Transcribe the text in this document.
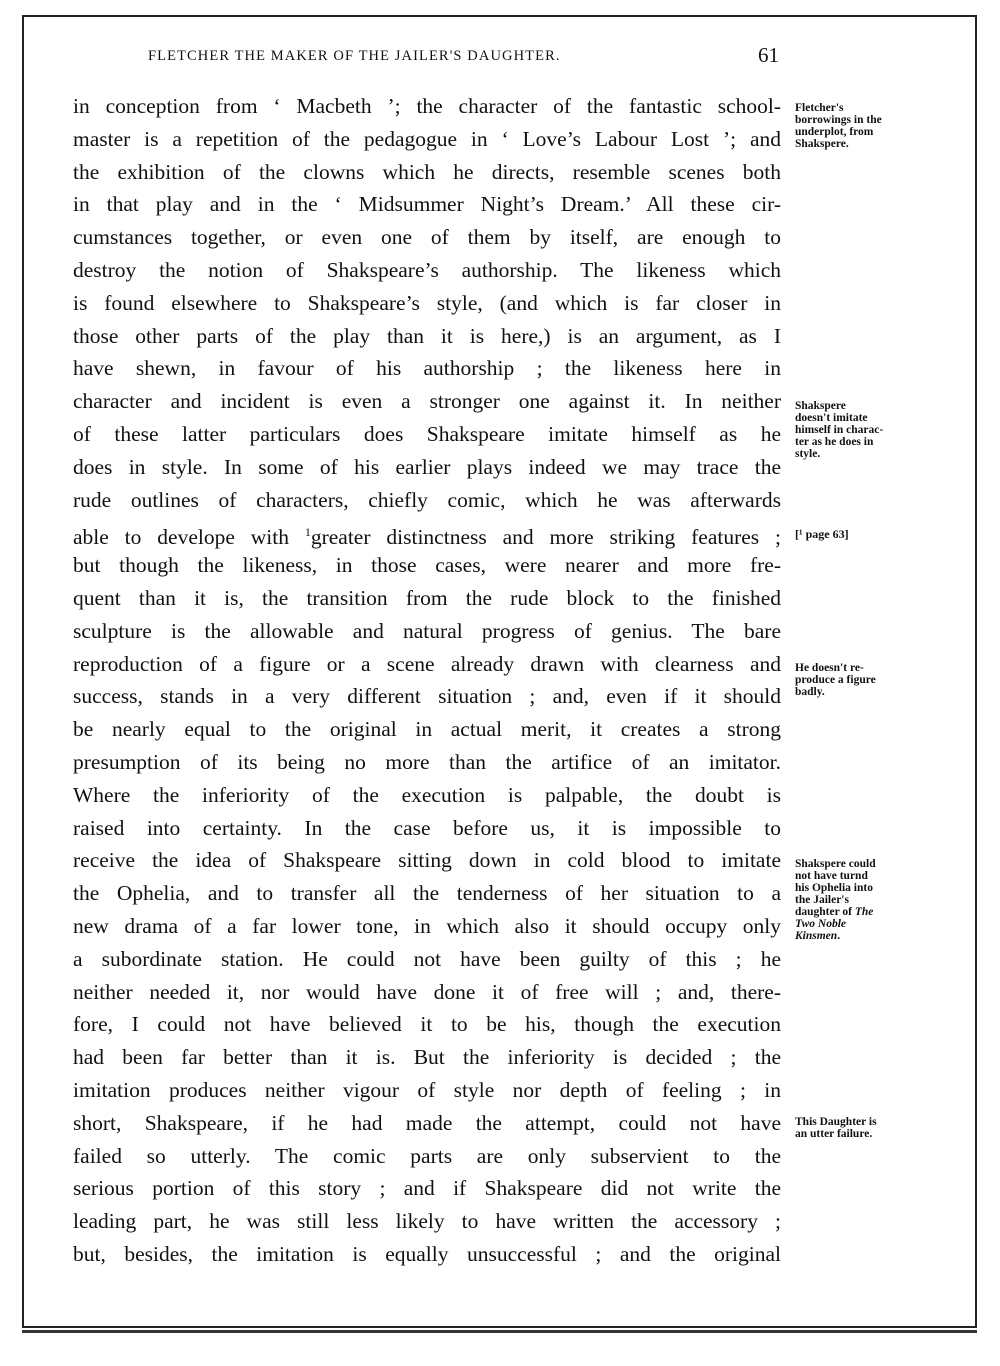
FLETCHER THE MAKER OF THE JAILER'S DAUGHTER.	61
in conception from ‘ Macbeth ’; the character of the fantastic school-
master is a repetition of the pedagogue in ‘ Love’s Labour Lost ’; and
the exhibition of the clowns which he directs, resemble scenes both
in that play and in the ‘ Midsummer Night’s Dream.’ All these cir-
cumstances together, or even one of them by itself, are enough to
destroy the notion of Shakspeare’s authorship. The likeness which
is found elsewhere to Shakspeare’s style, (and which is far closer in
those other parts of the play than it is here,) is an argument, as I
have shewn, in favour of his authorship ; the likeness here in
character and incident is even a stronger one against it. In neither
of these latter particulars does Shakspeare imitate himself as he
does in style. In some of his earlier plays indeed we may trace the
rude outlines of characters, chiefly comic, which he was afterwards
able to develope with $^1$greater distinctness and more striking features ;
but though the likeness, in those cases, were nearer and more fre-
quent than it is, the transition from the rude block to the finished
sculpture is the allowable and natural progress of genius. The bare
reproduction of a figure or a scene already drawn with clearness and
success, stands in a very different situation ; and, even if it should
be nearly equal to the original in actual merit, it creates a strong
presumption of its being no more than the artifice of an imitator.
Where the inferiority of the execution is palpable, the doubt is
raised into certainty. In the case before us, it is impossible to
receive the idea of Shakspeare sitting down in cold blood to imitate
the Ophelia, and to transfer all the tenderness of her situation to a
new drama of a far lower tone, in which also it should occupy only
a subordinate station. He could not have been guilty of this ; he
neither needed it, nor would have done it of free will ; and, there-
fore, I could not have believed it to be his, though the execution
had been far better than it is. But the inferiority is decided ; the
imitation produces neither vigour of style nor depth of feeling ; in
short, Shakspeare, if he had made the attempt, could not have
failed so utterly. The comic parts are only subservient to the
serious portion of this story ; and if Shakspeare did not write the
leading part, he was still less likely to have written the accessory ;
but, besides, the imitation is equally unsuccessful ; and the original
Fletcher's
borrowings in the
underplot, from
Shakspere.
Shakspere
doesn't imitate
himself in charac-
ter as he does in
style.
[¹ page 63]
He doesn't re-
produce a figure
badly.
Shakspere could
not have turnd
his Ophelia into
the Jailer's
daughter of The
Two Noble
Kinsmen.
This Daughter is
an utter failure.
